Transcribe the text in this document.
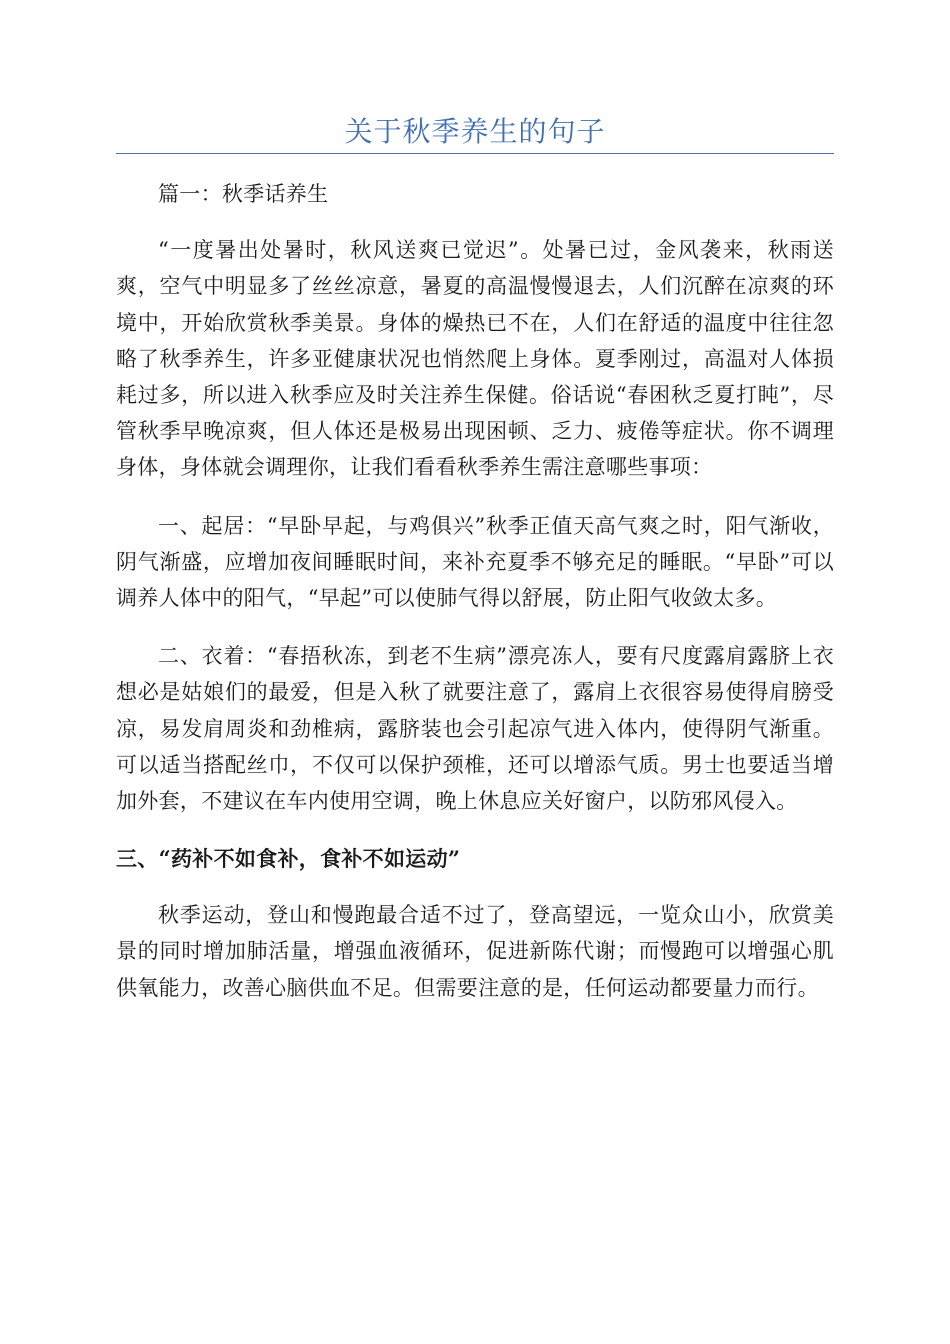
关于秋季养生的句子

篇一：秋季话养生

“一度暑出处暑时，秋风送爽已觉迟”。处暑已过，金风袭来，秋雨送爽，空气中明显多了丝丝凉意，暑夏的高温慢慢退去，人们沉醉在凉爽的环境中，开始欣赏秋季美景。身体的燥热已不在，人们在舒适的温度中往往忽略了秋季养生，许多亚健康状况也悄然爬上身体。夏季刚过，高温对人体损耗过多，所以进入秋季应及时关注养生保健。俗话说“春困秋乏夏打盹”，尽管秋季早晚凉爽，但人体还是极易出现困顿、乏力、疲倦等症状。你不调理身体，身体就会调理你，让我们看看秋季养生需注意哪些事项：

一、起居：“早卧早起，与鸡俱兴”秋季正值天高气爽之时，阳气渐收，阴气渐盛，应增加夜间睡眠时间，来补充夏季不够充足的睡眠。“早卧”可以调养人体中的阳气，“早起”可以使肺气得以舒展，防止阳气收敛太多。

二、衣着：“春捂秋冻，到老不生病”漂亮冻人，要有尺度露肩露脐上衣想必是姑娘们的最爱，但是入秋了就要注意了，露肩上衣很容易使得肩膀受凉，易发肩周炎和劲椎病，露脐装也会引起凉气进入体内，使得阴气渐重。可以适当搭配丝巾，不仅可以保护颈椎，还可以增添气质。男士也要适当增加外套，不建议在车内使用空调，晚上休息应关好窗户，以防邪风侵入。

三、“药补不如食补，食补不如运动”

秋季运动，登山和慢跑最合适不过了，登高望远，一览众山小，欣赏美景的同时增加肺活量，增强血液循环，促进新陈代谢；而慢跑可以增强心肌供氧能力，改善心脑供血不足。但需要注意的是，任何运动都要量力而行。
